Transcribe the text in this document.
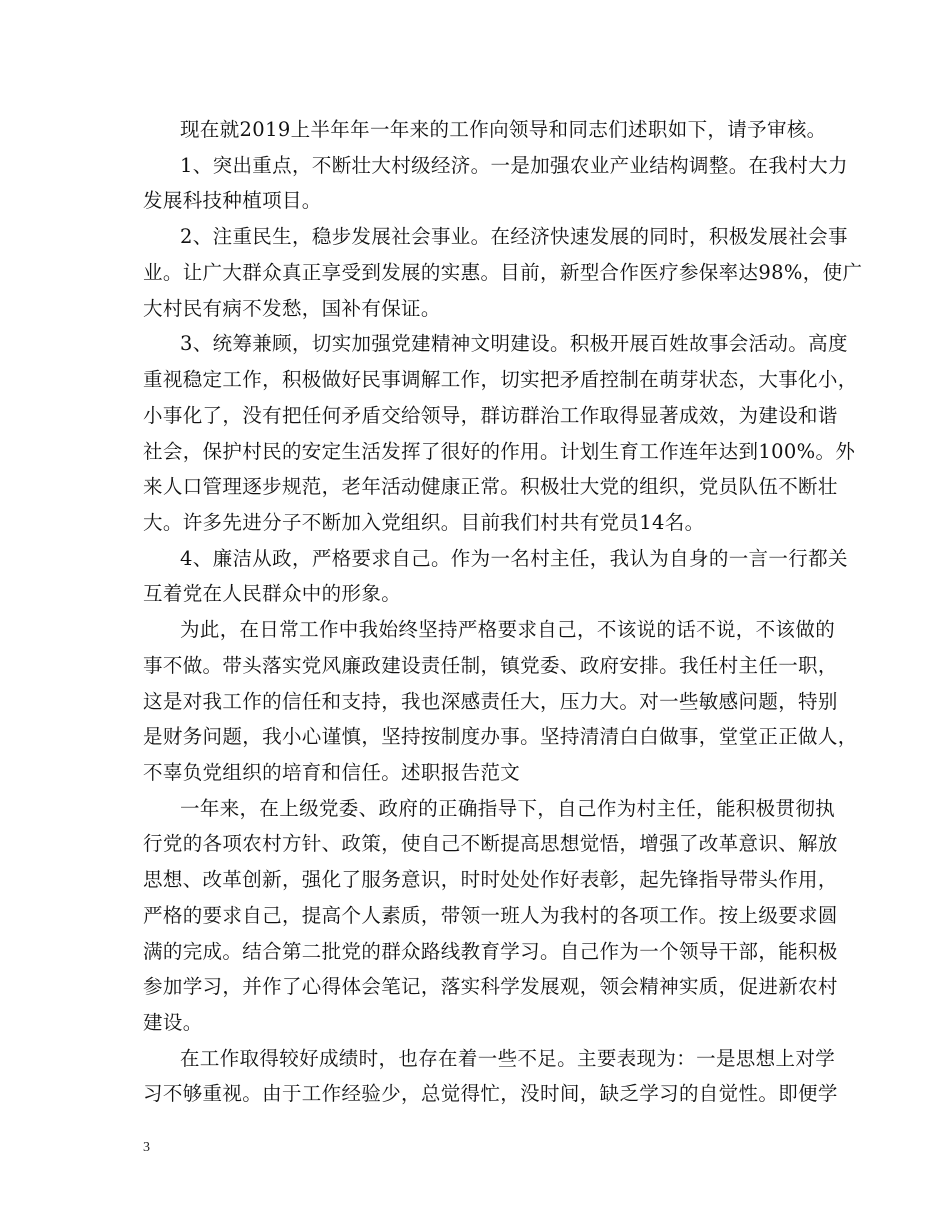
现在就2019上半年年一年来的工作向领导和同志们述职如下，请予审核。
1、突出重点，不断壮大村级经济。一是加强农业产业结构调整。在我村大力
发展科技种植项目。
2、注重民生，稳步发展社会事业。在经济快速发展的同时，积极发展社会事
业。让广大群众真正享受到发展的实惠。目前，新型合作医疗参保率达98%，使广
大村民有病不发愁，国补有保证。
3、统筹兼顾，切实加强党建精神文明建设。积极开展百姓故事会活动。高度
重视稳定工作，积极做好民事调解工作，切实把矛盾控制在萌芽状态，大事化小，
小事化了，没有把任何矛盾交给领导，群访群治工作取得显著成效，为建设和谐
社会，保护村民的安定生活发挥了很好的作用。计划生育工作连年达到100%。外
来人口管理逐步规范，老年活动健康正常。积极壮大党的组织，党员队伍不断壮
大。许多先进分子不断加入党组织。目前我们村共有党员14名。
4、廉洁从政，严格要求自己。作为一名村主任，我认为自身的一言一行都关
互着党在人民群众中的形象。
为此，在日常工作中我始终坚持严格要求自己，不该说的话不说，不该做的
事不做。带头落实党风廉政建设责任制，镇党委、政府安排。我任村主任一职，
这是对我工作的信任和支持，我也深感责任大，压力大。对一些敏感问题，特别
是财务问题，我小心谨慎，坚持按制度办事。坚持清清白白做事，堂堂正正做人，
不辜负党组织的培育和信任。述职报告范文
一年来，在上级党委、政府的正确指导下，自己作为村主任，能积极贯彻执
行党的各项农村方针、政策，使自己不断提高思想觉悟，增强了改革意识、解放
思想、改革创新，强化了服务意识，时时处处作好表彰，起先锋指导带头作用，
严格的要求自己，提高个人素质，带领一班人为我村的各项工作。按上级要求圆
满的完成。结合第二批党的群众路线教育学习。自己作为一个领导干部，能积极
参加学习，并作了心得体会笔记，落实科学发展观，领会精神实质，促进新农村
建设。
在工作取得较好成绩时，也存在着一些不足。主要表现为：一是思想上对学
习不够重视。由于工作经验少，总觉得忙，没时间，缺乏学习的自觉性。即便学
3
